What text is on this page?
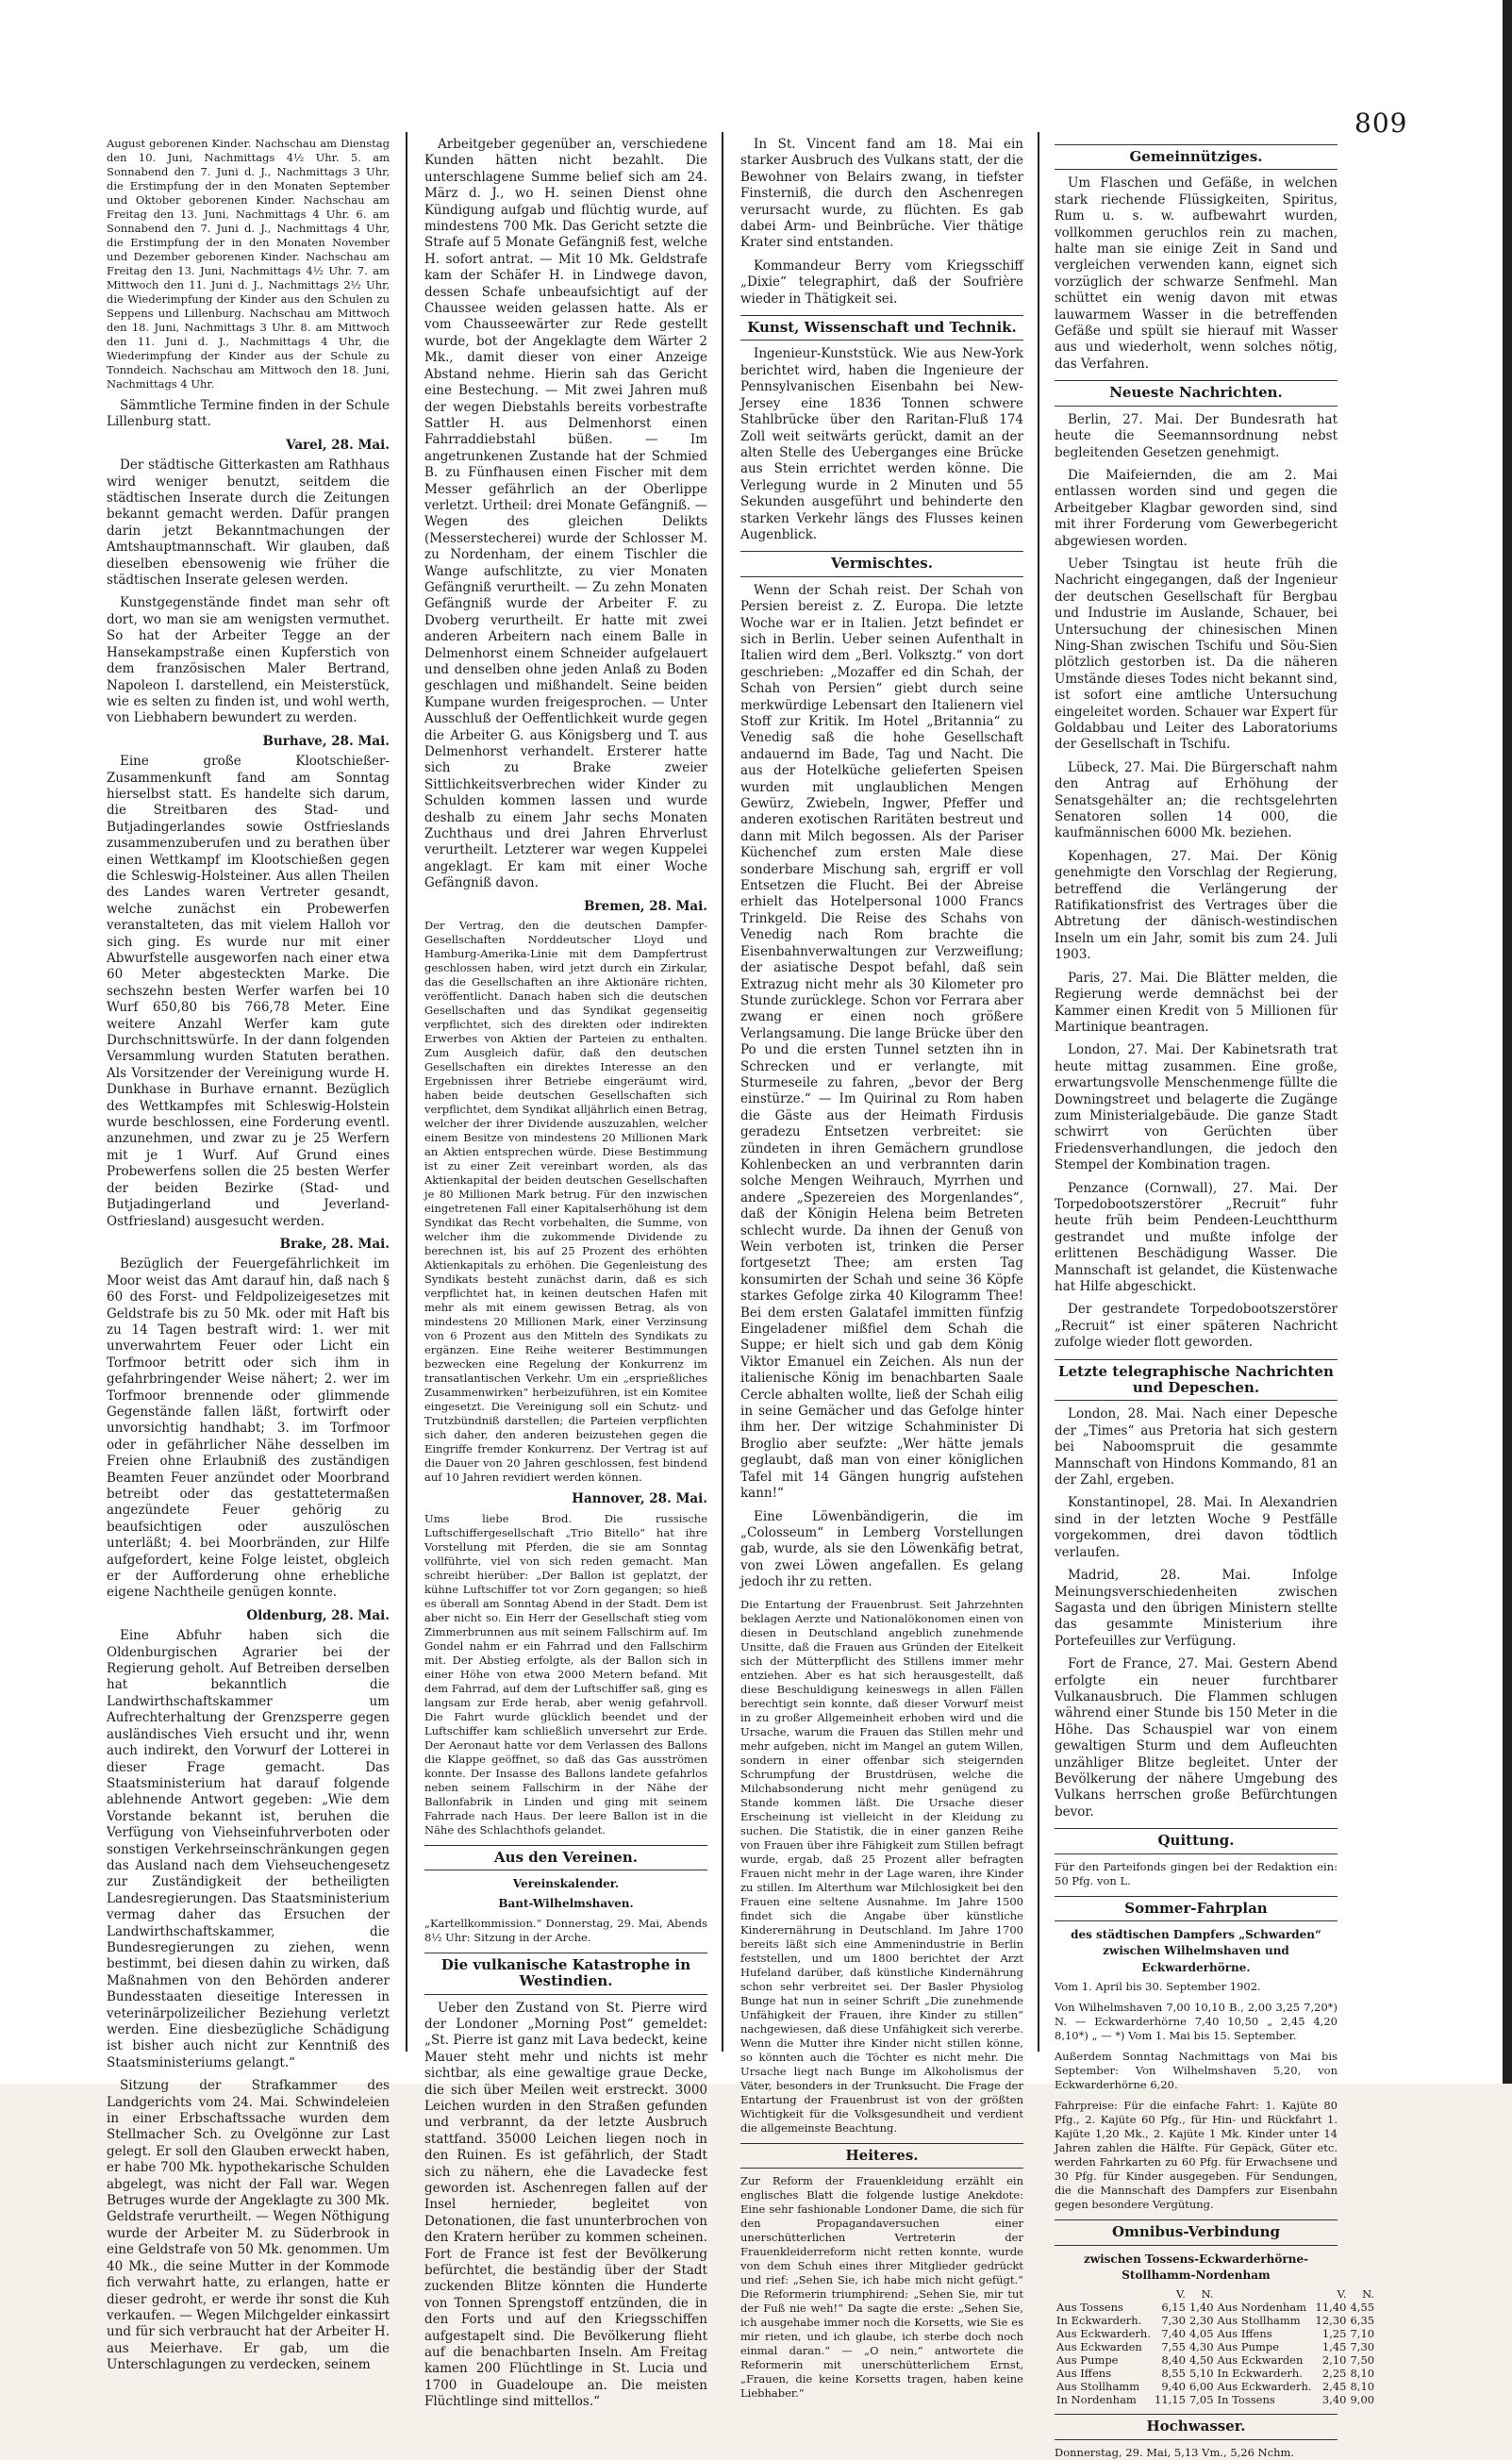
809

August geborenen Kinder. Nachschau am Dienstag den 10. Juni, Nachmittags 4½ Uhr. 5. am Sonnabend den 7. Juni d. J., Nachmittags 3 Uhr, die Erstimpfung der in den Monaten September und Oktober geborenen Kinder. Nachschau am Freitag den 13. Juni, Nachmittags 4 Uhr. 6. am Sonnabend den 7. Juni d. J., Nachmittags 4 Uhr, die Erstimpfung der in den Monaten November und Dezember geborenen Kinder. Nachschau am Freitag den 13. Juni, Nachmittags 4½ Uhr. 7. am Mittwoch den 11. Juni d. J., Nachmittags 2½ Uhr, die Wiederimpfung der Kinder aus den Schulen zu Seppens und Lillenburg. Nachschau am Mittwoch den 18. Juni, Nachmittags 3 Uhr. 8. am Mittwoch den 11. Juni d. J., Nachmittags 4 Uhr, die Wiederimpfung der Kinder aus der Schule zu Tonndeich. Nachschau am Mittwoch den 18. Juni, Nachmittags 4 Uhr.

Sämmtliche Termine finden in der Schule Lillenburg statt.

Varel, 28. Mai.

Der städtische Gitterkasten am Rathhaus wird weniger benutzt, seitdem die städtischen Inserate durch die Zeitungen bekannt gemacht werden. Dafür prangen darin jetzt Bekanntmachungen der Amtshauptmannschaft. Wir glauben, daß dieselben ebensowenig wie früher die städtischen Inserate gelesen werden.

Kunstgegenstände findet man sehr oft dort, wo man sie am wenigsten vermuthet. So hat der Arbeiter Tegge an der Hansekampstraße einen Kupferstich von dem französischen Maler Bertrand, Napoleon I. darstellend, ein Meisterstück, wie es selten zu finden ist, und wohl werth, von Liebhabern bewundert zu werden.

Burhave, 28. Mai.

Eine große Klootschießer-Zusammenkunft fand am Sonntag hierselbst statt. Es handelte sich darum, die Streitbaren des Stad- und Butjadingerlandes sowie Ostfrieslands zusammenzuberufen und zu berathen über einen Wettkampf im Klootschießen gegen die Schleswig-Holsteiner. Aus allen Theilen des Landes waren Vertreter gesandt, welche zunächst ein Probewerfen veranstalteten, das mit vielem Halloh vor sich ging. Es wurde nur mit einer Abwurfstelle ausgeworfen nach einer etwa 60 Meter abgesteckten Marke. Die sechszehn besten Werfer warfen bei 10 Wurf 650,80 bis 766,78 Meter. Eine weitere Anzahl Werfer kam gute Durchschnittswürfe. In der dann folgenden Versammlung wurden Statuten berathen. Als Vorsitzender der Vereinigung wurde H. Dunkhase in Burhave ernannt. Bezüglich des Wettkampfes mit Schleswig-Holstein wurde beschlossen, eine Forderung eventl. anzunehmen, und zwar zu je 25 Werfern mit je 1 Wurf. Auf Grund eines Probewerfens sollen die 25 besten Werfer der beiden Bezirke (Stad- und Butjadingerland und Jeverland-Ostfriesland) ausgesucht werden.

Brake, 28. Mai.

Bezüglich der Feuergefährlichkeit im Moor weist das Amt darauf hin, daß nach § 60 des Forst- und Feldpolizeigesetzes mit Geldstrafe bis zu 50 Mk. oder mit Haft bis zu 14 Tagen bestraft wird: 1. wer mit unverwahrtem Feuer oder Licht ein Torfmoor betritt oder sich ihm in gefahrbringender Weise nähert; 2. wer im Torfmoor brennende oder glimmende Gegenstände fallen läßt, fortwirft oder unvorsichtig handhabt; 3. im Torfmoor oder in gefährlicher Nähe desselben im Freien ohne Erlaubniß des zuständigen Beamten Feuer anzündet oder Moorbrand betreibt oder das gestattetermaßen angezündete Feuer gehörig zu beaufsichtigen oder auszulöschen unterläßt; 4. bei Moorbränden, zur Hilfe aufgefordert, keine Folge leistet, obgleich er der Aufforderung ohne erhebliche eigene Nachtheile genügen konnte.

Oldenburg, 28. Mai.

Eine Abfuhr haben sich die Oldenburgischen Agrarier bei der Regierung geholt. Auf Betreiben derselben hat bekanntlich die Landwirthschaftskammer um Aufrechterhaltung der Grenzsperre gegen ausländisches Vieh ersucht und ihr, wenn auch indirekt, den Vorwurf der Lotterei in dieser Frage gemacht. Das Staatsministerium hat darauf folgende ablehnende Antwort gegeben: „Wie dem Vorstande bekannt ist, beruhen die Verfügung von Viehseinfuhrverboten oder sonstigen Verkehrseinschränkungen gegen das Ausland nach dem Viehseuchengesetz zur Zuständigkeit der betheiligten Landesregierungen. Das Staatsministerium vermag daher das Ersuchen der Landwirthschaftskammer, die Bundesregierungen zu ziehen, wenn bestimmt, bei diesen dahin zu wirken, daß Maßnahmen von den Behörden anderer Bundesstaaten dieseitige Interessen in veterinärpolizeilicher Beziehung verletzt werden. Eine diesbezügliche Schädigung ist bisher auch nicht zur Kenntniß des Staatsministeriums gelangt.“

Sitzung der Strafkammer des Landgerichts vom 24. Mai. Schwindeleien in einer Erbschaftssache wurden dem Stellmacher Sch. zu Ovelgönne zur Last gelegt. Er soll den Glauben erweckt haben, er habe 700 Mk. hypothekarische Schulden abgelegt, was nicht der Fall war. Wegen Betruges wurde der Angeklagte zu 300 Mk. Geldstrafe verurtheilt. — Wegen Nöthigung wurde der Arbeiter M. zu Süderbrook in eine Geldstrafe von 50 Mk. genommen. Um 40 Mk., die seine Mutter in der Kommode fich verwahrt hatte, zu erlangen, hatte er dieser gedroht, er werde ihr sonst die Kuh verkaufen. — Wegen Milchgelder einkassirt und für sich verbraucht hat der Arbeiter H. aus Meierhave. Er gab, um die Unterschlagungen zu verdecken, seinem

Arbeitgeber gegenüber an, verschiedene Kunden hätten nicht bezahlt. Die unterschlagene Summe belief sich am 24. März d. J., wo H. seinen Dienst ohne Kündigung aufgab und flüchtig wurde, auf mindestens 700 Mk. Das Gericht setzte die Strafe auf 5 Monate Gefängniß fest, welche H. sofort antrat. — Mit 10 Mk. Geldstrafe kam der Schäfer H. in Lindwege davon, dessen Schafe unbeaufsichtigt auf der Chaussee weiden gelassen hatte. Als er vom Chausseewärter zur Rede gestellt wurde, bot der Angeklagte dem Wärter 2 Mk., damit dieser von einer Anzeige Abstand nehme. Hierin sah das Gericht eine Bestechung. — Mit zwei Jahren muß der wegen Diebstahls bereits vorbestrafte Sattler H. aus Delmenhorst einen Fahrraddiebstahl büßen. — Im angetrunkenen Zustande hat der Schmied B. zu Fünfhausen einen Fischer mit dem Messer gefährlich an der Oberlippe verletzt. Urtheil: drei Monate Gefängniß. — Wegen des gleichen Delikts (Messerstecherei) wurde der Schlosser M. zu Nordenham, der einem Tischler die Wange aufschlitzte, zu vier Monaten Gefängniß verurtheilt. — Zu zehn Monaten Gefängniß wurde der Arbeiter F. zu Dvoberg verurtheilt. Er hatte mit zwei anderen Arbeitern nach einem Balle in Delmenhorst einem Schneider aufgelauert und denselben ohne jeden Anlaß zu Boden geschlagen und mißhandelt. Seine beiden Kumpane wurden freigesprochen. — Unter Ausschluß der Oeffentlichkeit wurde gegen die Arbeiter G. aus Königsberg und T. aus Delmenhorst verhandelt. Ersterer hatte sich zu Brake zweier Sittlichkeitsverbrechen wider Kinder zu Schulden kommen lassen und wurde deshalb zu einem Jahr sechs Monaten Zuchthaus und drei Jahren Ehrverlust verurtheilt. Letzterer war wegen Kuppelei angeklagt. Er kam mit einer Woche Gefängniß davon.

Bremen, 28. Mai.

Der Vertrag, den die deutschen Dampfer-Gesellschaften Norddeutscher Lloyd und Hamburg-Amerika-Linie mit dem Dampfertrust geschlossen haben, wird jetzt durch ein Zirkular, das die Gesellschaften an ihre Aktionäre richten, veröffentlicht. Danach haben sich die deutschen Gesellschaften und das Syndikat gegenseitig verpflichtet, sich des direkten oder indirekten Erwerbes von Aktien der Parteien zu enthalten. Zum Ausgleich dafür, daß den deutschen Gesellschaften ein direktes Interesse an den Ergebnissen ihrer Betriebe eingeräumt wird, haben beide deutschen Gesellschaften sich verpflichtet, dem Syndikat alljährlich einen Betrag, welcher der ihrer Dividende auszuzahlen, welcher einem Besitze von mindestens 20 Millionen Mark an Aktien entsprechen würde. Diese Bestimmung ist zu einer Zeit vereinbart worden, als das Aktienkapital der beiden deutschen Gesellschaften je 80 Millionen Mark betrug. Für den inzwischen eingetretenen Fall einer Kapitalserhöhung ist dem Syndikat das Recht vorbehalten, die Summe, von welcher ihm die zukommende Dividende zu berechnen ist, bis auf 25 Prozent des erhöhten Aktienkapitals zu erhöhen. Die Gegenleistung des Syndikats besteht zunächst darin, daß es sich verpflichtet hat, in keinen deutschen Hafen mit mehr als mit einem gewissen Betrag, als von mindestens 20 Millionen Mark, einer Verzinsung von 6 Prozent aus den Mitteln des Syndikats zu ergänzen. Eine Reihe weiterer Bestimmungen bezwecken eine Regelung der Konkurrenz im transatlantischen Verkehr. Um ein „ersprießliches Zusammenwirken“ herbeizuführen, ist ein Komitee eingesetzt. Die Vereinigung soll ein Schutz- und Trutzbündniß darstellen; die Parteien verpflichten sich daher, den anderen beizustehen gegen die Eingriffe fremder Konkurrenz. Der Vertrag ist auf die Dauer von 20 Jahren geschlossen, fest bindend auf 10 Jahren revidiert werden können.

Hannover, 28. Mai.

Ums liebe Brod. Die russische Luftschiffergesellschaft „Trio Bitello“ hat ihre Vorstellung mit Pferden, die sie am Sonntag vollführte, viel von sich reden gemacht. Man schreibt hierüber: „Der Ballon ist geplatzt, der kühne Luftschiffer tot vor Zorn gegangen; so hieß es überall am Sonntag Abend in der Stadt. Dem ist aber nicht so. Ein Herr der Gesellschaft stieg vom Zimmerbrunnen aus mit seinem Fallschirm auf. Im Gondel nahm er ein Fahrrad und den Fallschirm mit. Der Abstieg erfolgte, als der Ballon sich in einer Höhe von etwa 2000 Metern befand. Mit dem Fahrrad, auf dem der Luftschiffer saß, ging es langsam zur Erde herab, aber wenig gefahrvoll. Die Fahrt wurde glücklich beendet und der Luftschiffer kam schließlich unversehrt zur Erde. Der Aeronaut hatte vor dem Verlassen des Ballons die Klappe geöffnet, so daß das Gas ausströmen konnte. Der Insasse des Ballons landete gefahrlos neben seinem Fallschirm in der Nähe der Ballonfabrik in Linden und ging mit seinem Fahrrade nach Haus. Der leere Ballon ist in die Nähe des Schlachthofs gelandet.

Aus den Vereinen.
Vereinskalender.
Bant-Wilhelmshaven.

„Kartellkommission.“ Donnerstag, 29. Mai, Abends 8½ Uhr: Sitzung in der Arche.

Die vulkanische Katastrophe in Westindien.

Ueber den Zustand von St. Pierre wird der Londoner „Morning Post“ gemeldet: „St. Pierre ist ganz mit Lava bedeckt, keine Mauer steht mehr und nichts ist mehr sichtbar, als eine gewaltige graue Decke, die sich über Meilen weit erstreckt. 3000 Leichen wurden in den Straßen gefunden und verbrannt, da der letzte Ausbruch stattfand. 35000 Leichen liegen noch in den Ruinen. Es ist gefährlich, der Stadt sich zu nähern, ehe die Lavadecke fest geworden ist. Aschenregen fallen auf der Insel hernieder, begleitet von Detonationen, die fast ununterbrochen von den Kratern herüber zu kommen scheinen. Fort de France ist fest der Bevölkerung befürchtet, die beständig über der Stadt zuckenden Blitze könnten die Hunderte von Tonnen Sprengstoff entzünden, die in den Forts und auf den Kriegsschiffen aufgestapelt sind. Die Bevölkerung flieht auf die benachbarten Inseln. Am Freitag kamen 200 Flüchtlinge in St. Lucia und 1700 in Guadeloupe an. Die meisten Flüchtlinge sind mittellos.“

In St. Vincent fand am 18. Mai ein starker Ausbruch des Vulkans statt, der die Bewohner von Belairs zwang, in tiefster Finsterniß, die durch den Aschenregen verursacht wurde, zu flüchten. Es gab dabei Arm- und Beinbrüche. Vier thätige Krater sind entstanden.

Kommandeur Berry vom Kriegsschiff „Dixie“ telegraphirt, daß der Soufrière wieder in Thätigkeit sei.

Kunst, Wissenschaft und Technik.

Ingenieur-Kunststück. Wie aus New-York berichtet wird, haben die Ingenieure der Pennsylvanischen Eisenbahn bei New-Jersey eine 1836 Tonnen schwere Stahlbrücke über den Raritan-Fluß 174 Zoll weit seitwärts gerückt, damit an der alten Stelle des Ueberganges eine Brücke aus Stein errichtet werden könne. Die Verlegung wurde in 2 Minuten und 55 Sekunden ausgeführt und behinderte den starken Verkehr längs des Flusses keinen Augenblick.

Vermischtes.

Wenn der Schah reist. Der Schah von Persien bereist z. Z. Europa. Die letzte Woche war er in Italien. Jetzt befindet er sich in Berlin. Ueber seinen Aufenthalt in Italien wird dem „Berl. Volksztg.“ von dort geschrieben: „Mozaffer ed din Schah, der Schah von Persien“ giebt durch seine merkwürdige Lebensart den Italienern viel Stoff zur Kritik. Im Hotel „Britannia“ zu Venedig saß die hohe Gesellschaft andauernd im Bade, Tag und Nacht. Die aus der Hotelküche gelieferten Speisen wurden mit unglaublichen Mengen Gewürz, Zwiebeln, Ingwer, Pfeffer und anderen exotischen Raritäten bestreut und dann mit Milch begossen. Als der Pariser Küchenchef zum ersten Male diese sonderbare Mischung sah, ergriff er voll Entsetzen die Flucht. Bei der Abreise erhielt das Hotelpersonal 1000 Francs Trinkgeld. Die Reise des Schahs von Venedig nach Rom brachte die Eisenbahnverwaltungen zur Verzweiflung; der asiatische Despot befahl, daß sein Extrazug nicht mehr als 30 Kilometer pro Stunde zurücklege. Schon vor Ferrara aber zwang er einen noch größere Verlangsamung. Die lange Brücke über den Po und die ersten Tunnel setzten ihn in Schrecken und er verlangte, mit Sturmeseile zu fahren, „bevor der Berg einstürze.“ — Im Quirinal zu Rom haben die Gäste aus der Heimath Firdusis geradezu Entsetzen verbreitet: sie zündeten in ihren Gemächern grundlose Kohlenbecken an und verbrannten darin solche Mengen Weihrauch, Myrrhen und andere „Spezereien des Morgenlandes“, daß der Königin Helena beim Betreten schlecht wurde. Da ihnen der Genuß von Wein verboten ist, trinken die Perser fortgesetzt Thee; am ersten Tag konsumirten der Schah und seine 36 Köpfe starkes Gefolge zirka 40 Kilogramm Thee! Bei dem ersten Galatafel immitten fünfzig Eingeladener mißfiel dem Schah die Suppe; er hielt sich und gab dem König Viktor Emanuel ein Zeichen. Als nun der italienische König im benachbarten Saale Cercle abhalten wollte, ließ der Schah eilig in seine Gemächer und das Gefolge hinter ihm her. Der witzige Schahminister Di Broglio aber seufzte: „Wer hätte jemals geglaubt, daß man von einer königlichen Tafel mit 14 Gängen hungrig aufstehen kann!“

Eine Löwenbändigerin, die im „Colosseum“ in Lemberg Vorstellungen gab, wurde, als sie den Löwenkäfig betrat, von zwei Löwen angefallen. Es gelang jedoch ihr zu retten.

Die Entartung der Frauenbrust. Seit Jahrzehnten beklagen Aerzte und Nationalökonomen einen von diesen in Deutschland angeblich zunehmende Unsitte, daß die Frauen aus Gründen der Eitelkeit sich der Mütterpflicht des Stillens immer mehr entziehen. Aber es hat sich herausgestellt, daß diese Beschuldigung keineswegs in allen Fällen berechtigt sein konnte, daß dieser Vorwurf meist in zu großer Allgemeinheit erhoben wird und die Ursache, warum die Frauen das Stillen mehr und mehr aufgeben, nicht im Mangel an gutem Willen, sondern in einer offenbar sich steigernden Schrumpfung der Brustdrüsen, welche die Milchabsonderung nicht mehr genügend zu Stande kommen läßt. Die Ursache dieser Erscheinung ist vielleicht in der Kleidung zu suchen. Die Statistik, die in einer ganzen Reihe von Frauen über ihre Fähigkeit zum Stillen befragt wurde, ergab, daß 25 Prozent aller befragten Frauen nicht mehr in der Lage waren, ihre Kinder zu stillen. Im Alterthum war Milchlosigkeit bei den Frauen eine seltene Ausnahme. Im Jahre 1500 findet sich die Angabe über künstliche Kinderernährung in Deutschland. Im Jahre 1700 bereits läßt sich eine Ammenindustrie in Berlin feststellen, und um 1800 berichtet der Arzt Hufeland darüber, daß künstliche Kindernährung schon sehr verbreitet sei. Der Basler Physiolog Bunge hat nun in seiner Schrift „Die zunehmende Unfähigkeit der Frauen, ihre Kinder zu stillen“ nachgewiesen, daß diese Unfähigkeit sich vererbe. Wenn die Mutter ihre Kinder nicht stillen könne, so könnten auch die Töchter es nicht mehr. Die Ursache liegt nach Bunge im Alkoholismus der Väter, besonders in der Trunksucht. Die Frage der Entartung der Frauenbrust ist von der größten Wichtigkeit für die Volksgesundheit und verdient die allgemeinste Beachtung.

Heiteres.

Zur Reform der Frauenkleidung erzählt ein englisches Blatt die folgende lustige Anekdote: Eine sehr fashionable Londoner Dame, die sich für den Propagandaversuchen einer unerschütterlichen Vertreterin der Frauenkleiderreform nicht retten konnte, wurde von dem Schuh eines ihrer Mitglieder gedrückt und rief: „Sehen Sie, ich habe mich nicht gefügt.“ Die Reformerin triumphirend: „Sehen Sie, mir tut der Fuß nie weh!“ Da sagte die erste: „Sehen Sie, ich ausgehabe immer noch die Korsetts, wie Sie es mir rieten, und ich glaube, ich sterbe doch noch einmal daran.“ — „O nein,“ antwortete die Reformerin mit unerschütterlichem Ernst, „Frauen, die keine Korsetts tragen, haben keine Liebhaber.“

Gemeinnütziges.

Um Flaschen und Gefäße, in welchen stark riechende Flüssigkeiten, Spiritus, Rum u. s. w. aufbewahrt wurden, vollkommen geruchlos rein zu machen, halte man sie einige Zeit in Sand und vergleichen verwenden kann, eignet sich vorzüglich der schwarze Senfmehl. Man schüttet ein wenig davon mit etwas lauwarmem Wasser in die betreffenden Gefäße und spült sie hierauf mit Wasser aus und wiederholt, wenn solches nötig, das Verfahren.

Neueste Nachrichten.

Berlin, 27. Mai. Der Bundesrath hat heute die Seemannsordnung nebst begleitenden Gesetzen genehmigt.

Die Maifeiernden, die am 2. Mai entlassen worden sind und gegen die Arbeitgeber Klagbar geworden sind, sind mit ihrer Forderung vom Gewerbegericht abgewiesen worden.

Ueber Tsingtau ist heute früh die Nachricht eingegangen, daß der Ingenieur der deutschen Gesellschaft für Bergbau und Industrie im Auslande, Schauer, bei Untersuchung der chinesischen Minen Ning-Shan zwischen Tschifu und Söu-Sien plötzlich gestorben ist. Da die näheren Umstände dieses Todes nicht bekannt sind, ist sofort eine amtliche Untersuchung eingeleitet worden. Schauer war Expert für Goldabbau und Leiter des Laboratoriums der Gesellschaft in Tschifu.

Lübeck, 27. Mai. Die Bürgerschaft nahm den Antrag auf Erhöhung der Senatsgehälter an; die rechtsgelehrten Senatoren sollen 14 000, die kaufmännischen 6000 Mk. beziehen.

Kopenhagen, 27. Mai. Der König genehmigte den Vorschlag der Regierung, betreffend die Verlängerung der Ratifikationsfrist des Vertrages über die Abtretung der dänisch-westindischen Inseln um ein Jahr, somit bis zum 24. Juli 1903.

Paris, 27. Mai. Die Blätter melden, die Regierung werde demnächst bei der Kammer einen Kredit von 5 Millionen für Martinique beantragen.

London, 27. Mai. Der Kabinetsrath trat heute mittag zusammen. Eine große, erwartungsvolle Menschenmenge füllte die Downingstreet und belagerte die Zugänge zum Ministerialgebäude. Die ganze Stadt schwirrt von Gerüchten über Friedensverhandlungen, die jedoch den Stempel der Kombination tragen.

Penzance (Cornwall), 27. Mai. Der Torpedobootszerstörer „Recruit“ fuhr heute früh beim Pendeen-Leuchtthurm gestrandet und mußte infolge der erlittenen Beschädigung Wasser. Die Mannschaft ist gelandet, die Küstenwache hat Hilfe abgeschickt.

Der gestrandete Torpedobootszerstörer „Recruit“ ist einer späteren Nachricht zufolge wieder flott geworden.

Letzte telegraphische Nachrichten und Depeschen.

London, 28. Mai. Nach einer Depesche der „Times“ aus Pretoria hat sich gestern bei Naboomspruit die gesammte Mannschaft von Hindons Kommando, 81 an der Zahl, ergeben.

Konstantinopel, 28. Mai. In Alexandrien sind in der letzten Woche 9 Pestfälle vorgekommen, drei davon tödtlich verlaufen.

Madrid, 28. Mai. Infolge Meinungsverschiedenheiten zwischen Sagasta und den übrigen Ministern stellte das gesammte Ministerium ihre Portefeuilles zur Verfügung.

Fort de France, 27. Mai. Gestern Abend erfolgte ein neuer furchtbarer Vulkanausbruch. Die Flammen schlugen während einer Stunde bis 150 Meter in die Höhe. Das Schauspiel war von einem gewaltigen Sturm und dem Aufleuchten unzähliger Blitze begleitet. Unter der Bevölkerung der nähere Umgebung des Vulkans herrschen große Befürchtungen bevor.

Quittung.

Für den Parteifonds gingen bei der Redaktion ein: 50 Pfg. von L.

Sommer-Fahrplan
des städtischen Dampfers „Schwarden“ zwischen Wilhelmshaven und Eckwarderhörne.

Vom 1. April bis 30. September 1902.

Von Wilhelmshaven 7,00 10,10 B., 2,00 3,25 7,20*) N. — Eckwarderhörne 7,40 10,50 „ 2,45 4,20 8,10*) „ — *) Vom 1. Mai bis 15. September.

Außerdem Sonntag Nachmittags von Mai bis September: Von Wilhelmshaven 5,20, von Eckwarderhörne 6,20.

Fahrpreise: Für die einfache Fahrt: 1. Kajüte 80 Pfg., 2. Kajüte 60 Pfg., für Hin- und Rückfahrt 1. Kajüte 1,20 Mk., 2. Kajüte 1 Mk. Kinder unter 14 Jahren zahlen die Hälfte. Für Gepäck, Güter etc. werden Fahrkarten zu 60 Pfg. für Erwachsene und 30 Pfg. für Kinder ausgegeben. Für Sendungen, die die Mannschaft des Dampfers zur Eisenbahn gegen besondere Vergütung.

Omnibus-Verbindung
zwischen Tossens-Eckwarderhörne-Stollhamm-Nordenham
	V.	N.		V.	N.
Aus Tossens	6,15	1,40	Aus Nordenham	11,40	4,55
In Eckwarderh.	7,30	2,30	Aus Stollhamm	12,30	6,35
Aus Eckwarderh.	7,40	4,05	Aus Iffens	1,25	7,10
Aus Eckwarden	7,55	4,30	Aus Pumpe	1,45	7,30
Aus Pumpe	8,40	4,50	Aus Eckwarden	2,10	7,50
Aus Iffens	8,55	5,10	In Eckwarderh.	2,25	8,10
Aus Stollhamm	9,40	6,00	Aus Eckwarderh.	2,45	8,10
In Nordenham	11,15	7,05	In Tossens	3,40	9,00
Hochwasser.

Donnerstag, 29. Mai, 5,13 Vm., 5,26 Nchm.
